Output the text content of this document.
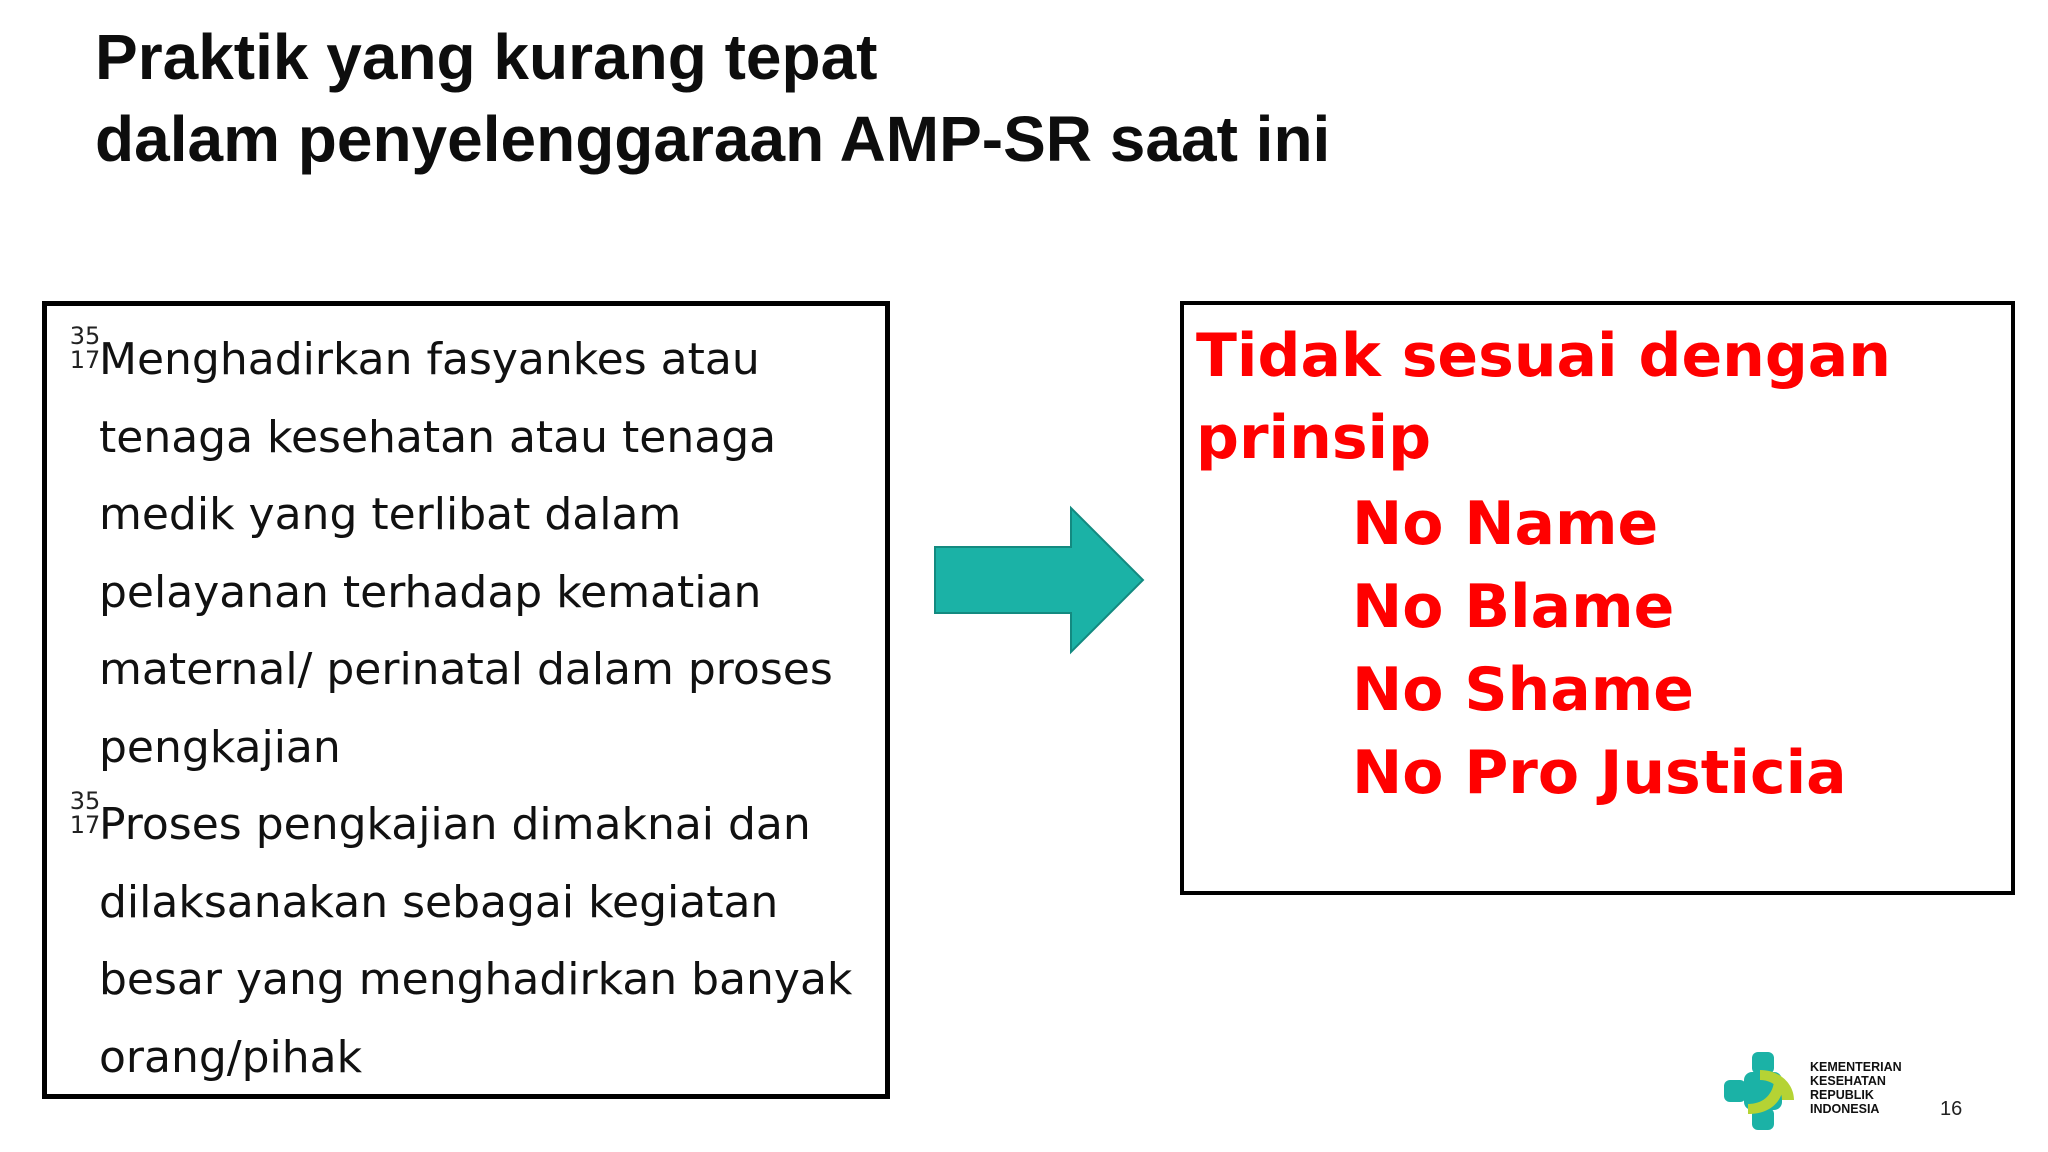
Praktik yang kurang tepat
dalam penyelenggaraan AMP-SR saat ini
35
17
Menghadirkan fasyankes atau tenaga kesehatan atau tenaga medik yang terlibat dalam pelayanan terhadap kematian maternal/ perinatal dalam proses pengkajian
35
17
Proses pengkajian dimaknai dan dilaksanakan sebagai kegiatan besar yang menghadirkan banyak orang/pihak
Tidak sesuai dengan prinsip
No Name
No Blame
No Shame
No Pro Justicia
KEMENTERIAN
KESEHATAN
REPUBLIK
INDONESIA	16
